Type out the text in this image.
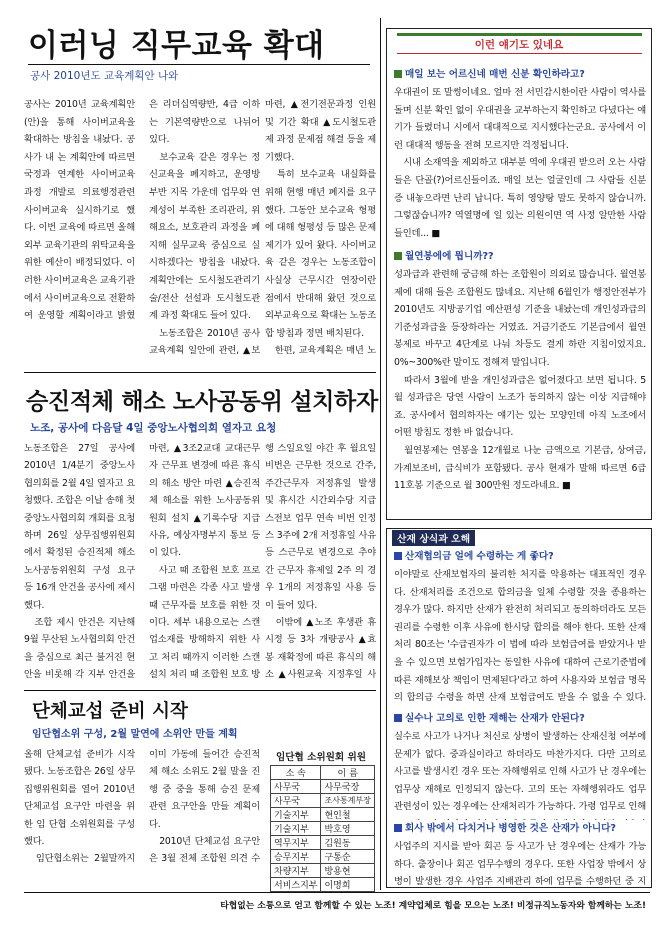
이러닝 직무교육 확대
공사 2010년도 교육계획안 나와
공사는 2010년 교육계획안(안)을 통해 사이버교육을 확대하는 방침을 내놨다. 공사가 내 논 계획안에 따르면 국정과 연계한 사이버교육 과정 개발로 의료행정관련 사이버교육 실시하기로 했다. 이번 교육에 따르면 올해 외부 교육기관의 위탁교육을 위한 예산이 배정되었다. 이러한 사이버교육은 교육기관에서 사이버교육으로 전환하여 운영할 계획이라고 밝혔

은 리더십역량반, 4급 이하는 기본역량반으로 나뉘어 있다.
　보수교육 같은 경우는 정신교육을 폐지하고, 운영방부반 지목 가운데 업무와 연계성이 부족한 조리관리, 위해요소, 보호관리 과정을 폐지해 실무교육 중심으로 실시하겠다는 방침을 내놨다. 계획안에는 도시철도관리기술/전산 선설과 도시철도관계 과정 확대도 들어 있다.
　노동조합은 2010년 공사 교육계획 일안에 관련, ▲보
마련, ▲전기전문과정 인원 및 기간 확대 ▲도시철도관제 과정 문제점 해결 등을 제기했다.
　특히 보수교육 내실화를 위해 현행 매년 폐지를 요구했다. 그동안 보수교육 형평에 대해 형평성 등 많은 문제 제기가 있어 왔다. 사이버교육 같은 경우는 노동조합이 사실상 근무시간 연장이란 점에서 반대해 왔던 것으로 외부교육으로 확대는 노동조합 방침과 정면 배치된다.
　한편, 교육계획은 매년 노
승진적체 해소 노사공동위 설치하자
노조, 공사에 다음달 4일 중앙노사협의회 열자고 요청
노동조합은 27일 공사에 2010년 1/4분기 중앙노사협의회를 2월 4일 열자고 요청했다. 조합은 이날 송해 첫 중앙노사협의회 개회를 요청하며 26일 상무집행위원회에서 확정된 승진적체 해소 노사공동위원회 구성 요구 등 16개 안건을 공사에 제시했다.
　조합 제시 안건은 지난해 9월 무산된 노사협의회 안건을 중심으로 최근 불거진 현안을 비롯해 각 지부 안건을

마련, ▲3조2교대 교대근무자 근무표 변경에 따른 휴식의 해소 방안 마련 ▲승진적체 해소를 위한 노사공동위원회 설치 ▲기록수당 지급 사유, 예상자명부지 통보 등이 있다.
　사고 때 조합원 보호 프로그램 마련은 각종 사고 발생 때 근무자를 보호를 위한 것이다. 세부 내용으로는 스캔업소재를 방해하지 위한 사고 처리 때까지 이러한 스캔 설치 처리 때 조합원 보호 방

행 스일요일 야간 후 월요일 비번은 근무한 것으로 간주, 주간근무자 저정휴일 발생 및 휴시간 시간외수당 지급 스전보 업무 연속 비번 인정 스 3주에 2개 저정휴일 사유 등 스근무로 변경으로 추야간 근무자 휴제일 2주 의 경우 1개의 저정휴일 사용 등이 들어 있다.
　이밖에 ▲노조 후생관 휴시정 등 3차 개량공사 ▲효봉 재확정에 따른 휴식의 해소 ▲사원교육 지정후일 사
단체교섭 준비 시작
임단협소위 구성, 2월 말연에 소위안 만들 계획
올해 단체교섭 준비가 시작됐다. 노동조합은 26일 상무집행위원회를 열어 2010년 단체교섭 요구안 마련을 위한 임 단협 소위원회를 구성했다.
　임단협소위는 2월말까지
이미 가동에 들어간 승진적체 해소 소위도 2월 말을 진행 중 중을 통해 승진 문제 관련 요구안을 만들 계획이다.
　2010년 단체교섭 요구안은 3월 전체 조합원 의견 수
임단협 소위원회 위원
소 속	이 름
사무국	사무국장
사무국	조사통계부장
기술지부	현인철
기술지부	박호영
역무지부	김원동
승무지부	구통순
차량지부	방용현
서비스지부	이명희
이런 얘기도 있네요
매일 보는 어르신네 매번 신분 확인하라고?
우대권이 또 말썽이네요. 얼마 전 서민감시한이란 사람이 역사를 돌며 신분 확인 없이 우대권을 교부하는지 확인하고 다녔다는 얘기가 들렸더니 시에서 대대적으로 지시했다는군요. 공사에서 이런 대대적 행동을 전혀 모르지만 걱정됩니다.
　시내 소재역을 제외하고 대부분 역에 우대권 받으러 오는 사람들은 단골(?)어르신들이죠. 매일 보는 얼굴인데 그 사람들 신분증 내놓으라면 난리 납니다. 특히 영양탕 말도 못하지 않습니까. 그렇잖습니까? 역열명에 일 있는 의원이면 역 사정 알만한 사람들인데... ■
월연봉에에 뭡니까??
성과급과 관련해 궁금해 하는 조합원이 의외로 많습니다. 월연봉제에 대해 들은 조합원도 많네요. 지난해 6월인가 행정안전부가 2010년도 지방공기업 예산편성 기준을 내놨는데 개인성과급의 기준성과급을 등장하라는 거였죠. 거금기준도 기본급에서 월연봉제로 바꾸고 4단계로 나눠 차등도 결게 하란 지침이었지요. 0%~300%란 말이도 정해져 말입니다.
　따라서 3월에 받을 개인성과급은 없어졌다고 보면 됩니다. 5월 성과급은 당연 사람이 노조가 동의하지 않는 이상 지급해야죠. 공사에서 협의하자는 얘기는 있는 모양인데 아직 노조에서 어떤 방침도 정한 바 없습니다.
　월연봉제는 연봉을 12개월로 나눈 금액으로 기본급, 상여금, 가계보조비, 급식비가 포함됐다. 공사 현재가 말해 따르면 6급 11호봉 기준으로 월 300만원 정도라네요. ■
산재 상식과 오해
산재협의금 얼에 수령하는 게 좋다?
이야말로 산재보험자의 불리한 처지를 악용하는 대표적인 경우다. 산재처리를 조건으로 합의금을 일체 수령할 것을 종용하는 경우가 많다. 하지만 산재가 완전히 처리되고 동의하더라도 모든 권리를 수령한 이후 사유에 한시당 합의를 해야 한다. 또한 산재처리 80조는 '수급권자가 이 법에 따라 보험급여를 받았거나 받을 수 있으면 보험가입자는 동일한 사유에 대하여 근로기준법에 따른 재해보상 책임이 면제된다'라고 하여 사용자와 보험급 명목의 합의금 수령을 하면 산재 보험급여도 받을 수 없을 수 있다.
실수나 고의로 인한 재해는 산재가 안된다?
실수로 사고가 나거나 처신로 상병이 발생하는 산재신청 여부에 문제가 없다. 중과실이라고 하더라도 마찬가지다. 다만 고의로 사고를 발생시킨 경우 또는 자해행위로 인해 사고가 난 경우에는 업무상 재해로 인정되지 않는다. 고의 또는 자해행위라도 업무 관련성이 있는 경우에는 산재처리가 가능하다. 가령 업무로 인해
회사 밖에서 다치거나 병영한 것은 산재가 아니다?
사업주의 지시를 받아 회곤 등 사고가 난 경우에는 산재가 가능하다. 출장이나 회곤 업무수행의 경우다. 또한 사업장 밖에서 상병이 발생한 경우 사업주 지배관리 하에 업무를 수행하던 중 지
타협없는 소통으로 얻고 함께할 수 있는 노조! 계약업체로 힘을 모으는 노조! 비정규직노동자와 함께하는 노조!
